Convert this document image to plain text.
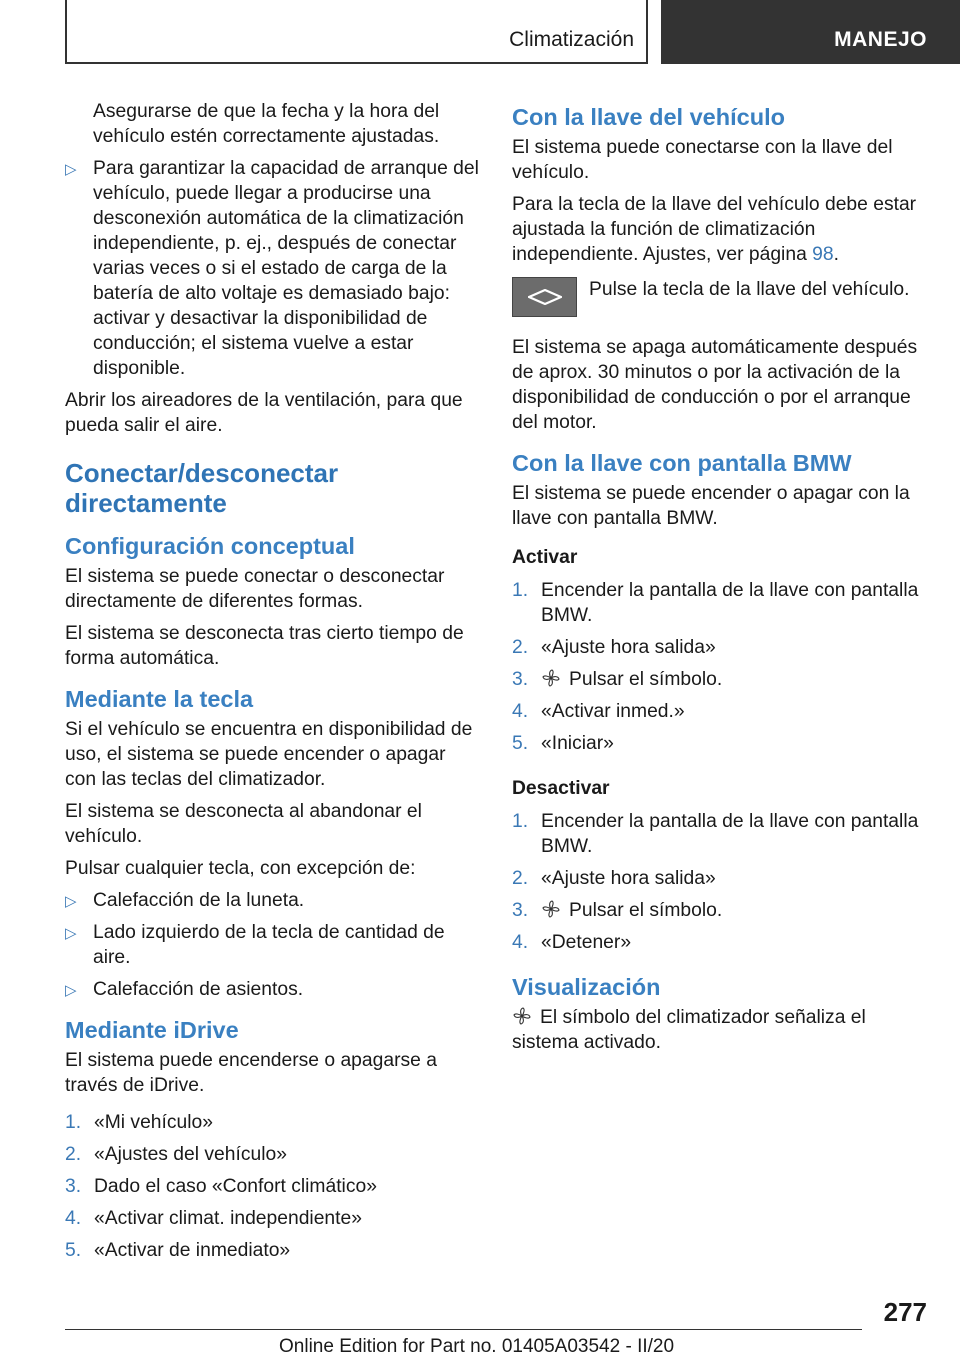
Climatización	MANEJO

Asegurarse de que la fecha y la hora del vehículo estén correctamente ajustadas.

▷ Para garantizar la capacidad de arranque del vehículo, puede llegar a producirse una desconexión automática de la climatización independiente, p. ej., después de conectar varias veces o si el estado de carga de la batería de alto voltaje es demasiado bajo: activar y desactivar la disponibilidad de conducción; el sistema vuelve a estar disponible.

Abrir los aireadores de la ventilación, para que pueda salir el aire.

Conectar/desconectar directamente
Configuración conceptual

El sistema se puede conectar o desconectar directamente de diferentes formas.

El sistema se desconecta tras cierto tiempo de forma automática.

Mediante la tecla

Si el vehículo se encuentra en disponibilidad de uso, el sistema se puede encender o apagar con las teclas del climatizador.

El sistema se desconecta al abandonar el vehículo.

Pulsar cualquier tecla, con excepción de:

▷ Calefacción de la luneta.
▷ Lado izquierdo de la tecla de cantidad de aire.
▷ Calefacción de asientos.
Mediante iDrive

El sistema puede encenderse o apagarse a través de iDrive.

1. «Mi vehículo»
2. «Ajustes del vehículo»
3. Dado el caso «Confort climático»
4. «Activar climat. independiente»
5. «Activar de inmediato»
Con la llave del vehículo

El sistema puede conectarse con la llave del vehículo.

Para la tecla de la llave del vehículo debe estar ajustada la función de climatización independiente. Ajustes, ver página 98.

Pulse la tecla de la llave del vehículo.

El sistema se apaga automáticamente después de aprox. 30 minutos o por la activación de la disponibilidad de conducción o por el arranque del motor.

Con la llave con pantalla BMW

El sistema se puede encender o apagar con la llave con pantalla BMW.

Activar
1. Encender la pantalla de la llave con pantalla BMW.
2. «Ajuste hora salida»
3. Pulsar el símbolo.
4. «Activar inmed.»
5. «Iniciar»
Desactivar
1. Encender la pantalla de la llave con pantalla BMW.
2. «Ajuste hora salida»
3. Pulsar el símbolo.
4. «Detener»
Visualización

El símbolo del climatizador señaliza el sistema activado.

277
Online Edition for Part no. 01405A03542 - II/20
